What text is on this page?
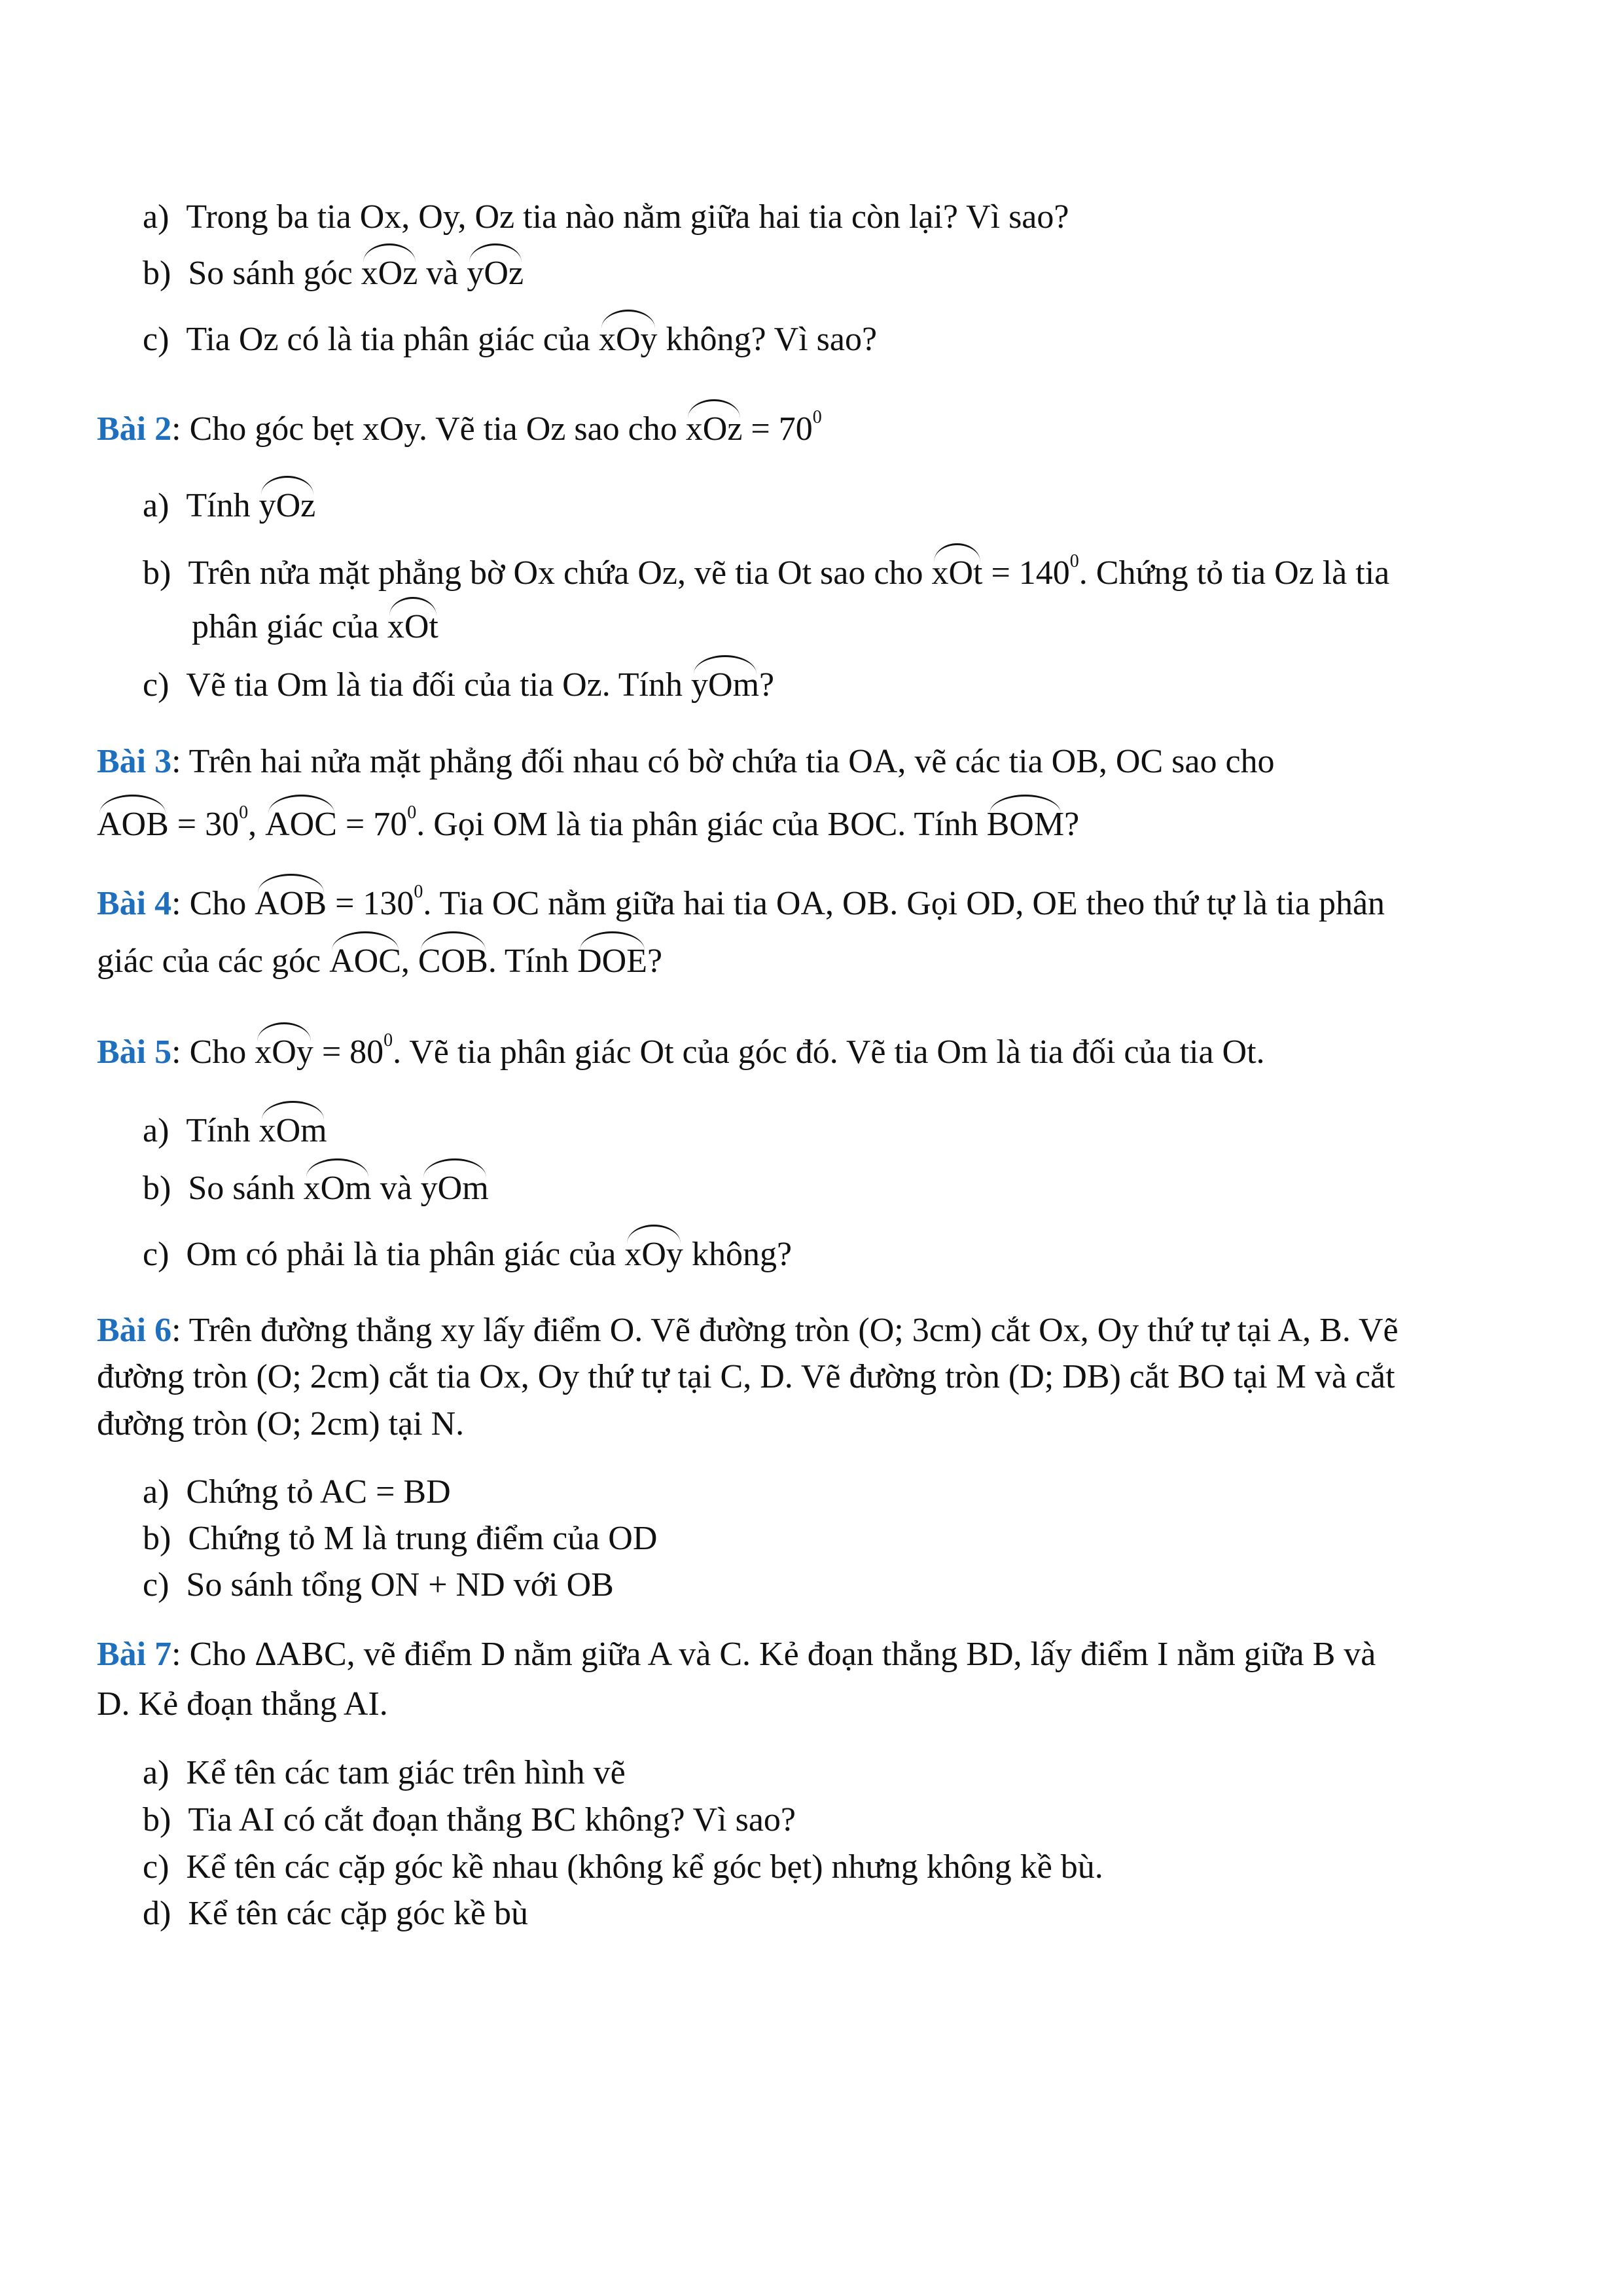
a) Trong ba tia Ox, Oy, Oz tia nào nằm giữa hai tia còn lại? Vì sao?
b) So sánh góc xOz và yOz
c) Tia Oz có là tia phân giác của xOy không? Vì sao?
Bài 2: Cho góc bẹt xOy. Vẽ tia Oz sao cho xOz = $70^0$
a) Tính yOz
b) Trên nửa mặt phẳng bờ Ox chứa Oz, vẽ tia Ot sao cho xOt = $140^0$. Chứng tỏ tia Oz là tia
phân giác của xOt
c) Vẽ tia Om là tia đối của tia Oz. Tính yOm?
Bài 3: Trên hai nửa mặt phẳng đối nhau có bờ chứa tia OA, vẽ các tia OB, OC sao cho
AOB = $30^0$, AOC = $70^0$. Gọi OM là tia phân giác của BOC. Tính BOM?
Bài 4: Cho AOB = $130^0$. Tia OC nằm giữa hai tia OA, OB. Gọi OD, OE theo thứ tự là tia phân
giác của các góc AOC, COB. Tính DOE?
Bài 5: Cho xOy = $80^0$. Vẽ tia phân giác Ot của góc đó. Vẽ tia Om là tia đối của tia Ot.
a) Tính xOm
b) So sánh xOm và yOm
c) Om có phải là tia phân giác của xOy không?
Bài 6: Trên đường thẳng xy lấy điểm O. Vẽ đường tròn (O; 3cm) cắt Ox, Oy thứ tự tại A, B. Vẽ
đường tròn (O; 2cm) cắt tia Ox, Oy thứ tự tại C, D. Vẽ đường tròn (D; DB) cắt BO tại M và cắt
đường tròn (O; 2cm) tại N.
a) Chứng tỏ AC = BD
b) Chứng tỏ M là trung điểm của OD
c) So sánh tổng ON + ND với OB
Bài 7: Cho ΔABC, vẽ điểm D nằm giữa A và C. Kẻ đoạn thẳng BD, lấy điểm I nằm giữa B và
D. Kẻ đoạn thẳng AI.
a) Kể tên các tam giác trên hình vẽ
b) Tia AI có cắt đoạn thẳng BC không? Vì sao?
c) Kể tên các cặp góc kề nhau (không kể góc bẹt) nhưng không kề bù.
d) Kể tên các cặp góc kề bù
